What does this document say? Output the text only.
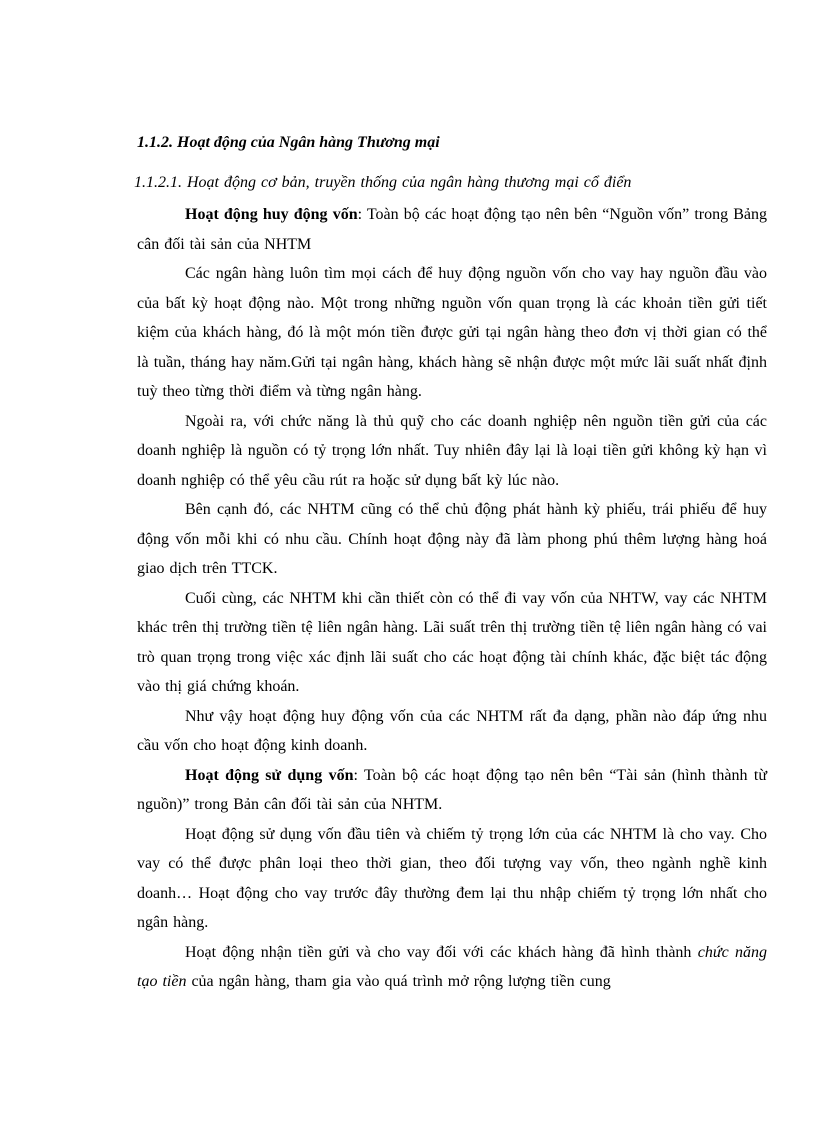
1.1.2. Hoạt động của Ngân hàng Thương mại
1.1.2.1. Hoạt động cơ bản, truyền thống của ngân hàng thương mại cổ điển

Hoạt động huy động vốn: Toàn bộ các hoạt động tạo nên bên “Nguồn vốn” trong Bảng cân đối tài sản của NHTM

Các ngân hàng luôn tìm mọi cách để huy động nguồn vốn cho vay hay nguồn đầu vào của bất kỳ hoạt động nào. Một trong những nguồn vốn quan trọng là các khoản tiền gửi tiết kiệm của khách hàng, đó là một món tiền được gửi tại ngân hàng theo đơn vị thời gian có thể là tuần, tháng hay năm.Gửi tại ngân hàng, khách hàng sẽ nhận được một mức lãi suất nhất định tuỳ theo từng thời điểm và từng ngân hàng.

Ngoài ra, với chức năng là thủ quỹ cho các doanh nghiệp nên nguồn tiền gửi của các doanh nghiệp là nguồn có tỷ trọng lớn nhất. Tuy nhiên đây lại là loại tiền gửi không kỳ hạn vì doanh nghiệp có thể yêu cầu rút ra hoặc sử dụng bất kỳ lúc nào.

Bên cạnh đó, các NHTM cũng có thể chủ động phát hành kỳ phiếu, trái phiếu để huy động vốn mỗi khi có nhu cầu. Chính hoạt động này đã làm phong phú thêm lượng hàng hoá giao dịch trên TTCK.

Cuối cùng, các NHTM khi cần thiết còn có thể đi vay vốn của NHTW, vay các NHTM khác trên thị trường tiền tệ liên ngân hàng. Lãi suất trên thị trường tiền tệ liên ngân hàng có vai trò quan trọng trong việc xác định lãi suất cho các hoạt động tài chính khác, đặc biệt tác động vào thị giá chứng khoán.

Như vậy hoạt động huy động vốn của các NHTM rất đa dạng, phần nào đáp ứng nhu cầu vốn cho hoạt động kinh doanh.

Hoạt động sử dụng vốn: Toàn bộ các hoạt động tạo nên bên “Tài sản (hình thành từ nguồn)” trong Bản cân đối tài sản của NHTM.

Hoạt động sử dụng vốn đầu tiên và chiếm tỷ trọng lớn của các NHTM là cho vay. Cho vay có thể được phân loại theo thời gian, theo đối tượng vay vốn, theo ngành nghề kinh doanh… Hoạt động cho vay trước đây thường đem lại thu nhập chiếm tỷ trọng lớn nhất cho ngân hàng.

Hoạt động nhận tiền gửi và cho vay đối với các khách hàng đã hình thành chức năng tạo tiền của ngân hàng, tham gia vào quá trình mở rộng lượng tiền cung
